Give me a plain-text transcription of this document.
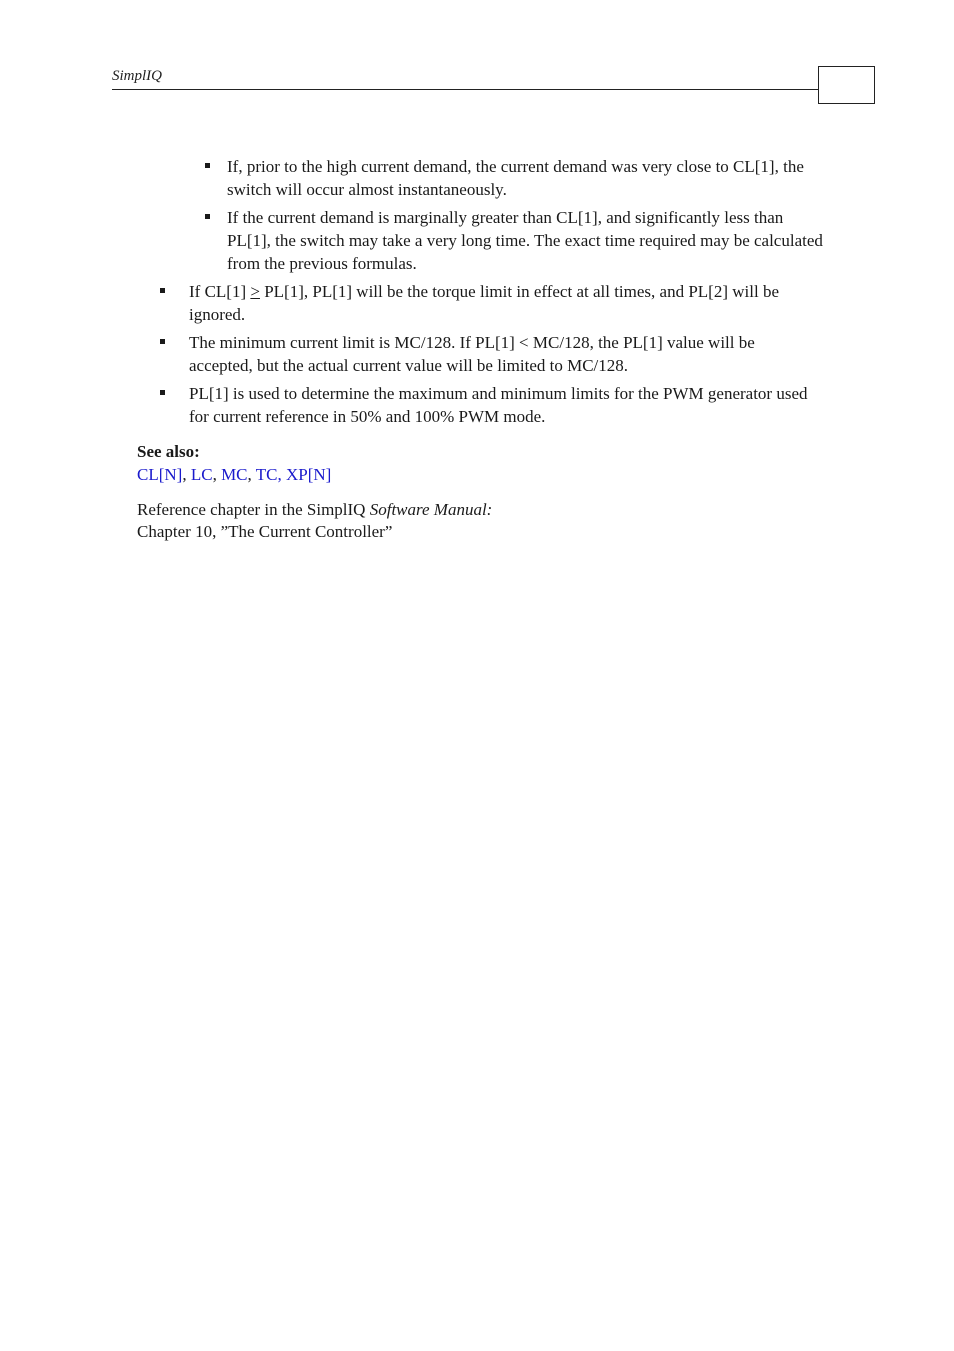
SimplIQ
If, prior to the high current demand, the current demand was very close to CL[1], the switch will occur almost instantaneously.
If the current demand is marginally greater than CL[1], and significantly less than PL[1], the switch may take a very long time. The exact time required may be calculated from the previous formulas.
If CL[1] > PL[1], PL[1] will be the torque limit in effect at all times, and PL[2] will be ignored.
The minimum current limit is MC/128. If PL[1] < MC/128, the PL[1] value will be accepted, but the actual current value will be limited to MC/128.
PL[1] is used to determine the maximum and minimum limits for the PWM generator used for current reference in 50% and 100% PWM mode.
See also:
CL[N], LC, MC, TC, XP[N]
Reference chapter in the SimplIQ Software Manual:
Chapter 10, ”The Current Controller”
